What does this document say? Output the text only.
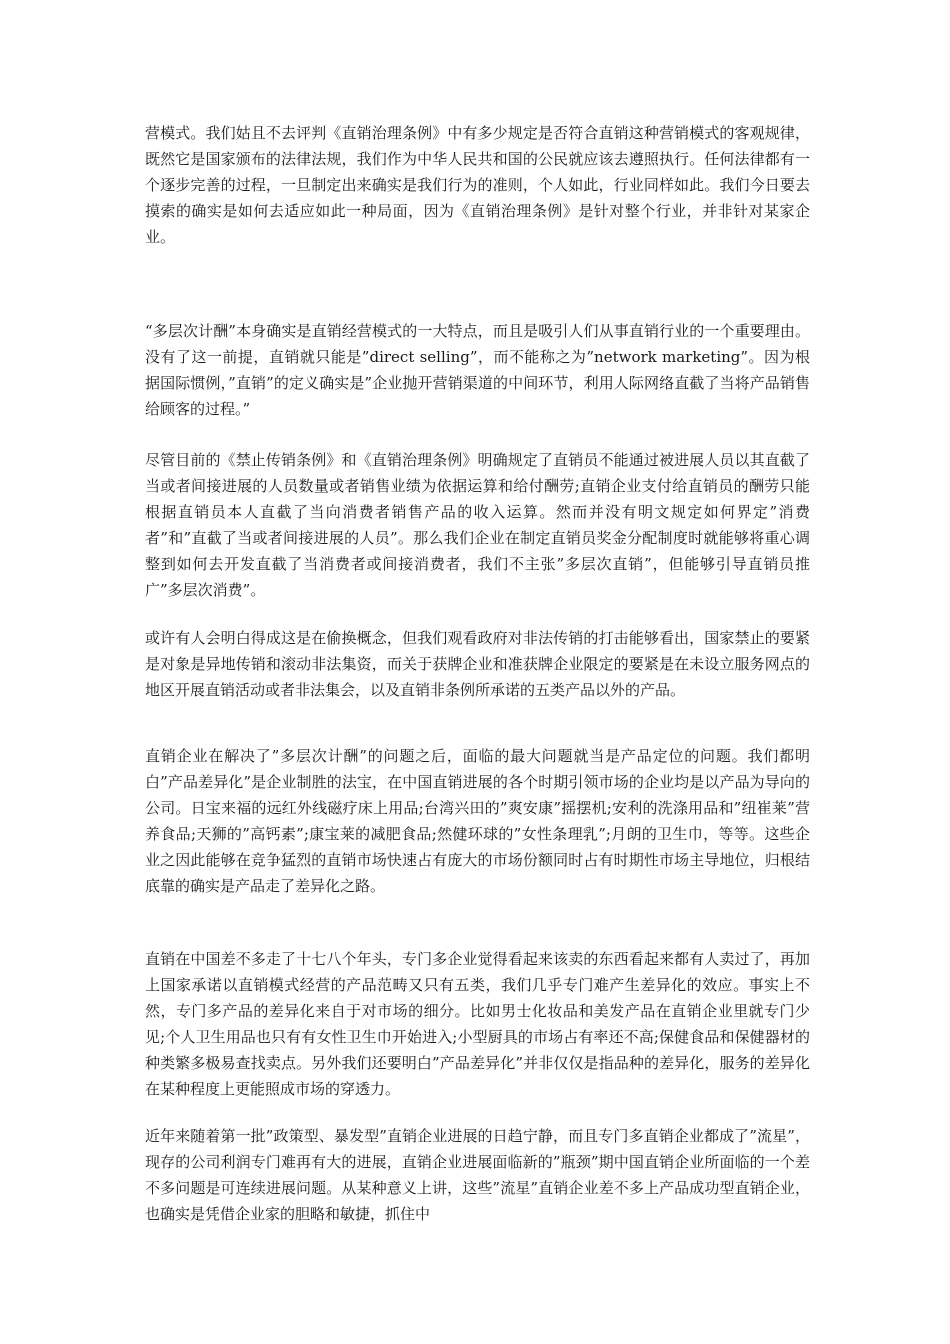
营模式。我们姑且不去评判《直销治理条例》中有多少规定是否符合直销这种营销模式的客观规律，既然它是国家颁布的法律法规，我们作为中华人民共和国的公民就应该去遵照执行。任何法律都有一个逐步完善的过程，一旦制定出来确实是我们行为的准则，个人如此，行业同样如此。我们今日要去摸索的确实是如何去适应如此一种局面，因为《直销治理条例》是针对整个行业，并非针对某家企业。

“多层次计酬”本身确实是直销经营模式的一大特点，而且是吸引人们从事直销行业的一个重要理由。没有了这一前提，直销就只能是”direct selling”，而不能称之为”network marketing”。因为根据国际惯例，”直销”的定义确实是”企业抛开营销渠道的中间环节，利用人际网络直截了当将产品销售给顾客的过程。”

尽管目前的《禁止传销条例》和《直销治理条例》明确规定了直销员不能通过被进展人员以其直截了当或者间接进展的人员数量或者销售业绩为依据运算和给付酬劳;直销企业支付给直销员的酬劳只能根据直销员本人直截了当向消费者销售产品的收入运算。然而并没有明文规定如何界定”消费者”和”直截了当或者间接进展的人员”。那么我们企业在制定直销员奖金分配制度时就能够将重心调整到如何去开发直截了当消费者或间接消费者，我们不主张”多层次直销”，但能够引导直销员推广”多层次消费”。

或许有人会明白得成这是在偷换概念，但我们观看政府对非法传销的打击能够看出，国家禁止的要紧是对象是异地传销和滚动非法集资，而关于获牌企业和准获牌企业限定的要紧是在未设立服务网点的地区开展直销活动或者非法集会，以及直销非条例所承诺的五类产品以外的产品。

直销企业在解决了”多层次计酬”的问题之后，面临的最大问题就当是产品定位的问题。我们都明白”产品差异化”是企业制胜的法宝，在中国直销进展的各个时期引领市场的企业均是以产品为导向的公司。日宝来福的远红外线磁疗床上用品;台湾兴田的”爽安康”摇摆机;安利的洗涤用品和”纽崔莱”营养食品;天狮的”高钙素”;康宝莱的减肥食品;然健环球的”女性条理乳”;月朗的卫生巾，等等。这些企业之因此能够在竞争猛烈的直销市场快速占有庞大的市场份额同时占有时期性市场主导地位，归根结底靠的确实是产品走了差异化之路。

直销在中国差不多走了十七八个年头，专门多企业觉得看起来该卖的东西看起来都有人卖过了，再加上国家承诺以直销模式经营的产品范畴又只有五类，我们几乎专门难产生差异化的效应。事实上不然，专门多产品的差异化来自于对市场的细分。比如男士化妆品和美发产品在直销企业里就专门少见;个人卫生用品也只有有女性卫生巾开始进入;小型厨具的市场占有率还不高;保健食品和保健器材的种类繁多极易查找卖点。另外我们还要明白”产品差异化”并非仅仅是指品种的差异化，服务的差异化在某种程度上更能照成市场的穿透力。

近年来随着第一批”政策型、暴发型”直销企业进展的日趋宁静，而且专门多直销企业都成了”流星”，现存的公司利润专门难再有大的进展，直销企业进展面临新的”瓶颈”期中国直销企业所面临的一个差不多问题是可连续进展问题。从某种意义上讲，这些”流星”直销企业差不多上产品成功型直销企业，也确实是凭借企业家的胆略和敏捷，抓住中
